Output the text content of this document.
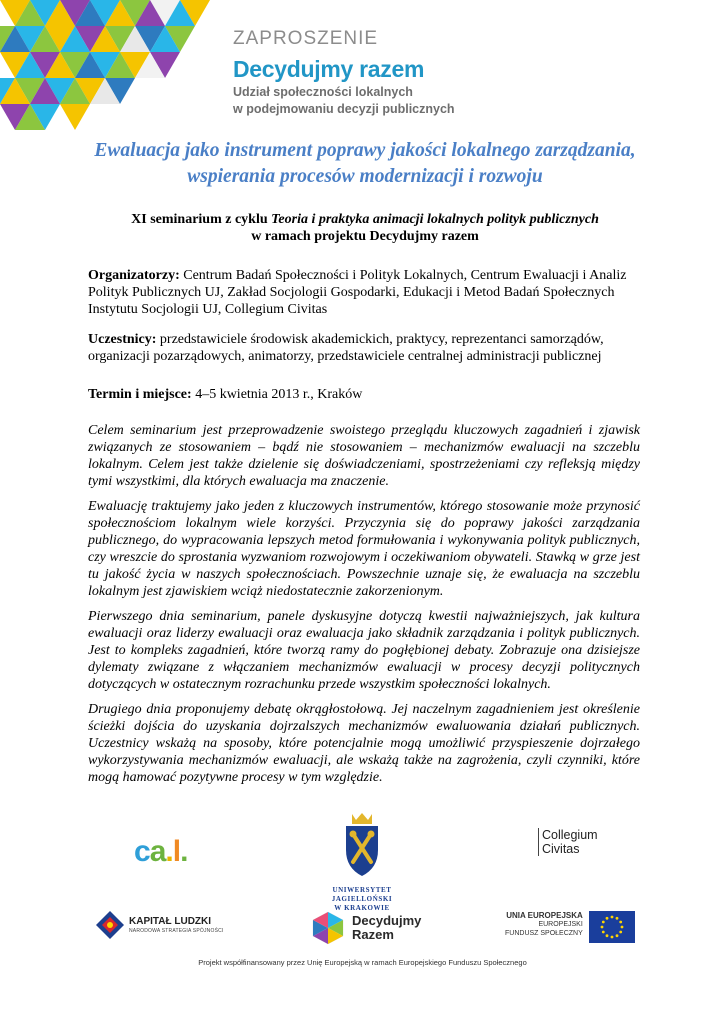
ZAPROSZENIE
Decydujmy razem
Udział społeczności lokalnych
w podejmowaniu decyzji publicznych
Ewaluacja jako instrument poprawy jakości lokalnego zarządzania,
wspierania procesów modernizacji i rozwoju
XI seminarium z cyklu Teoria i praktyka animacji lokalnych polityk publicznych
w ramach projektu Decydujmy razem
Organizatorzy: Centrum Badań Społeczności i Polityk Lokalnych, Centrum Ewaluacji i Analiz Polityk Publicznych UJ, Zakład Socjologii Gospodarki, Edukacji i Metod Badań Społecznych Instytutu Socjologii UJ, Collegium Civitas
Uczestnicy: przedstawiciele środowisk akademickich, praktycy, reprezentanci samorządów, organizacji pozarządowych, animatorzy, przedstawiciele centralnej administracji publicznej
Termin i miejsce: 4–5 kwietnia 2013 r., Kraków

Celem seminarium jest przeprowadzenie swoistego przeglądu kluczowych zagadnień i zjawisk związanych ze stosowaniem – bądź nie stosowaniem – mechanizmów ewaluacji na szczeblu lokalnym. Celem jest także dzielenie się doświadczeniami, spostrzeżeniami czy refleksją między tymi wszystkimi, dla których ewaluacja ma znaczenie.

Ewaluację traktujemy jako jeden z kluczowych instrumentów, którego stosowanie może przynosić społecznościom lokalnym wiele korzyści. Przyczynia się do poprawy jakości zarządzania publicznego, do wypracowania lepszych metod formułowania i wykonywania polityk publicznych, czy wreszcie do sprostania wyzwaniom rozwojowym i oczekiwaniom obywateli. Stawką w grze jest tu jakość życia w naszych społecznościach. Powszechnie uznaje się, że ewaluacja na szczeblu lokalnym jest zjawiskiem wciąż niedostatecznie zakorzenionym.

Pierwszego dnia seminarium, panele dyskusyjne dotyczą kwestii najważniejszych, jak kultura ewaluacji oraz liderzy ewaluacji oraz ewaluacja jako składnik zarządzania i polityk publicznych. Jest to kompleks zagadnień, które tworzą ramy do pogłębionej debaty. Zobrazuje ona dzisiejsze dylematy związane z włączaniem mechanizmów ewaluacji w procesy decyzji politycznych dotyczących w ostatecznym rozrachunku przede wszystkim społeczności lokalnych.

Drugiego dnia proponujemy debatę okrągłostołową. Jej naczelnym zagadnieniem jest określenie ścieżki dojścia do uzyskania dojrzalszych mechanizmów ewaluowania działań publicznych. Uczestnicy wskażą na sposoby, które potencjalnie mogą umożliwić przyspieszenie dojrzałego wykorzystywania mechanizmów ewaluacji, ale wskażą także na zagrożenia, czyli czynniki, które mogą hamować pozytywne procesy w tym względzie.

ca.l.
UNIWERSYTET
JAGIELLOŃSKI
W KRAKOWIE
Collegium
Civitas
KAPITAŁ LUDZKI
NARODOWA STRATEGIA SPÓJNOŚCI
Decydujmy
Razem
UNIA EUROPEJSKA
EUROPEJSKI
FUNDUSZ SPOŁECZNY
Projekt współfinansowany przez Unię Europejską w ramach Europejskiego Funduszu Społecznego
